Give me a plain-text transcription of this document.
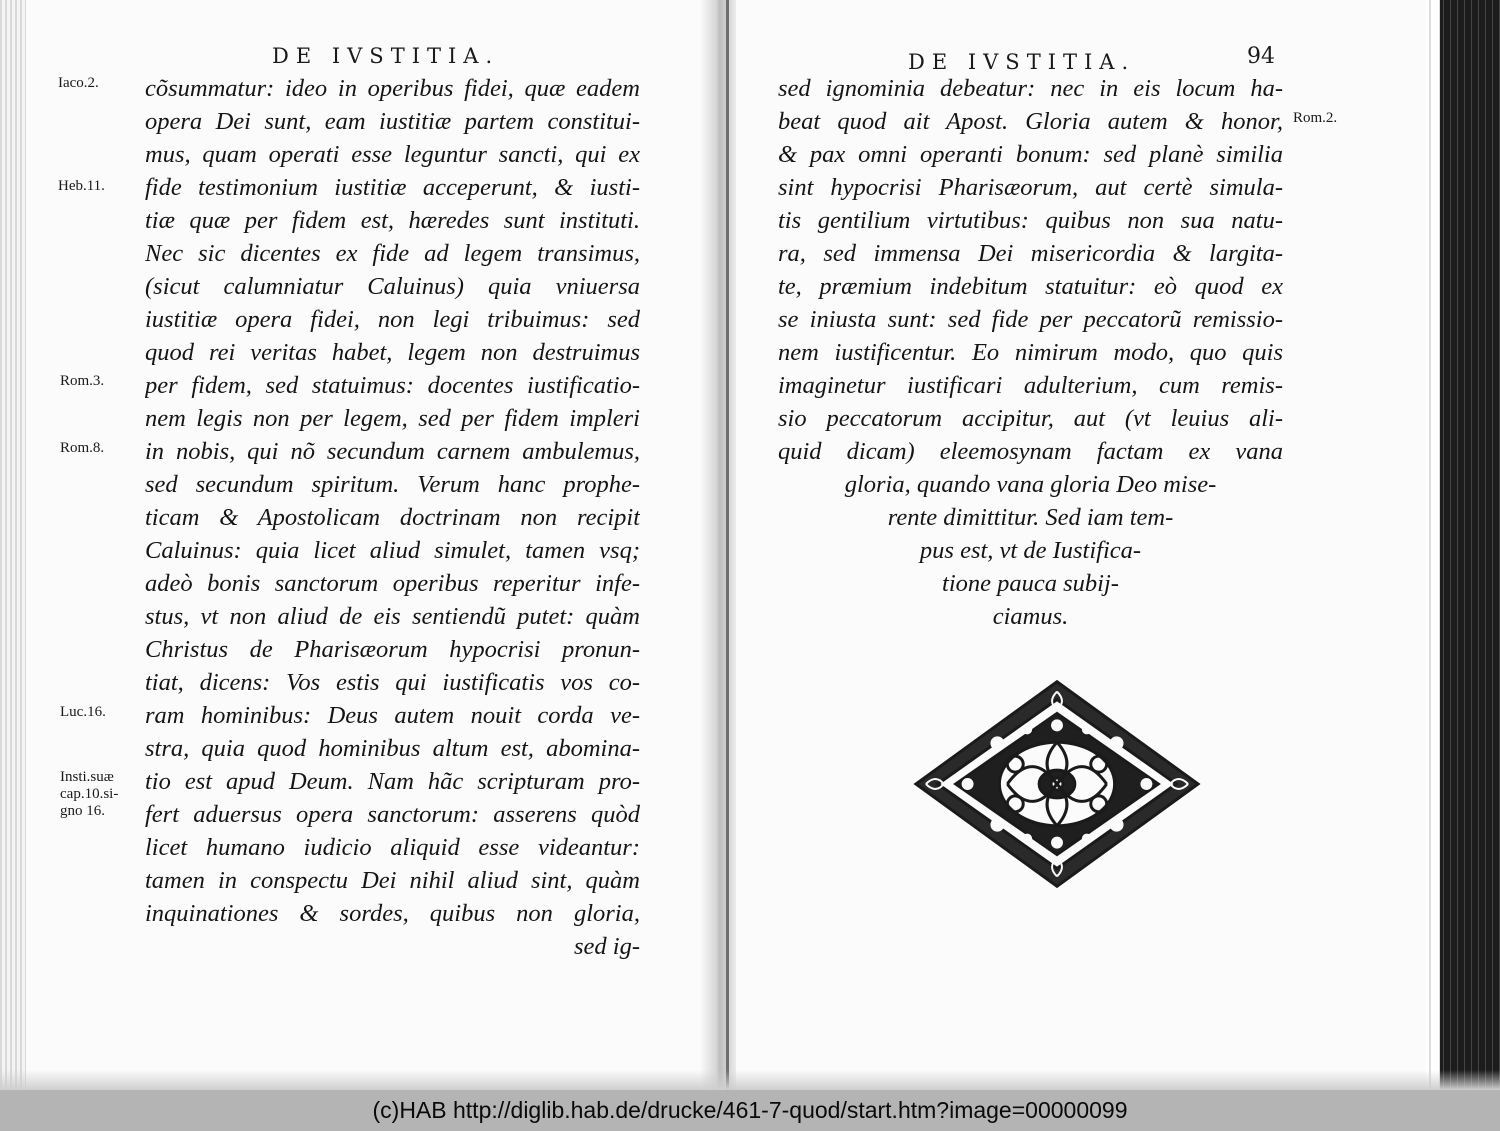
DE IVSTITIA.

Iaco.2.

Heb.11.

Rom.3.

Rom.8.

Luc.16.

Insti.suæ

cap.10.si-

gno 16.

cõsummatur: ideo in operibus fidei, quæ eadem
opera Dei sunt, eam iustitiæ partem constitui-
mus, quam operati esse leguntur sancti, qui ex
fide testimonium iustitiæ acceperunt, & iusti-
tiæ quæ per fidem est, hæredes sunt instituti.
Nec sic dicentes ex fide ad legem transimus,
(sicut calumniatur Caluinus) quia vniuersa
iustitiæ opera fidei, non legi tribuimus: sed
quod rei veritas habet, legem non destruimus
per fidem, sed statuimus: docentes iustificatio-
nem legis non per legem, sed per fidem impleri
in nobis, qui nõ secundum carnem ambulemus,
sed secundum spiritum. Verum hanc prophe-
ticam & Apostolicam doctrinam non recipit
Caluinus: quia licet aliud simulet, tamen vsq;
adeò bonis sanctorum operibus reperitur infe-
stus, vt non aliud de eis sentiendũ putet: quàm
Christus de Pharisæorum hypocrisi pronun-
tiat, dicens: Vos estis qui iustificatis vos co-
ram hominibus: Deus autem nouit corda ve-
stra, quia quod hominibus altum est, abomina-
tio est apud Deum. Nam hãc scripturam pro-
fert aduersus opera sanctorum: asserens quòd
licet humano iudicio aliquid esse videantur:
tamen in conspectu Dei nihil aliud sint, quàm
inquinationes & sordes, quibus non gloria,
sed ig-
DE IVSTITIA.	94

Rom.2.

sed ignominia debeatur: nec in eis locum ha-
beat quod ait Apost. Gloria autem & honor,
& pax omni operanti bonum: sed planè similia
sint hypocrisi Pharisæorum, aut certè simula-
tis gentilium virtutibus: quibus non sua natu-
ra, sed immensa Dei misericordia & largita-
te, præmium indebitum statuitur: eò quod ex
se iniusta sunt: sed fide per peccatorũ remissio-
nem iustificentur. Eo nimirum modo, quo quis
imaginetur iustificari adulterium, cum remis-
sio peccatorum accipitur, aut (vt leuius ali-
quid dicam) eleemosynam factam ex vana
gloria, quando vana gloria Deo mise-
rente dimittitur. Sed iam tem-
pus est, vt de Iustifica-
tione pauca subij-
ciamus.
(c)HAB http://diglib.hab.de/drucke/461-7-quod/start.htm?image=00000099
